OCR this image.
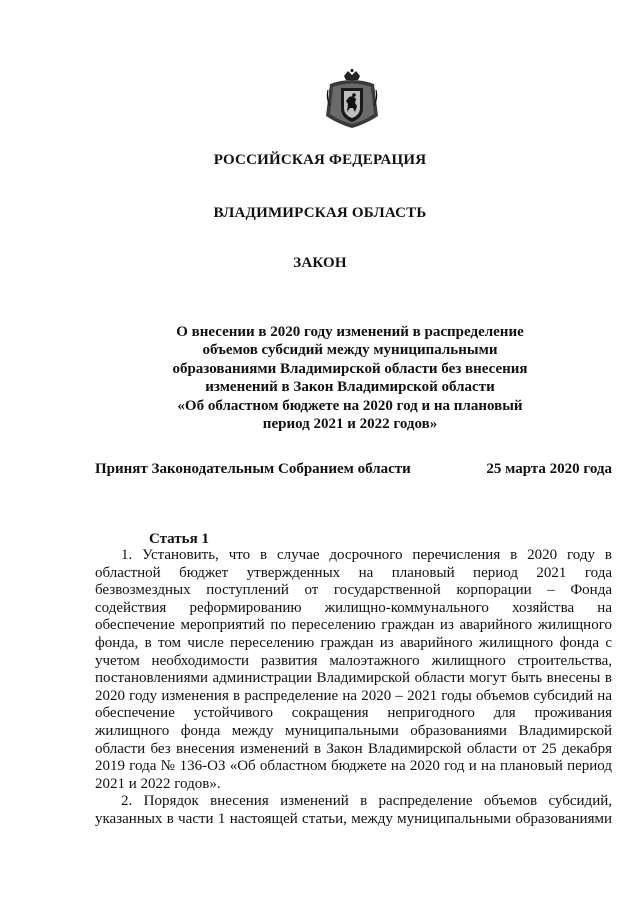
РОССИЙСКАЯ ФЕДЕРАЦИЯ
ВЛАДИМИРСКАЯ ОБЛАСТЬ
ЗАКОН
О внесении в 2020 году изменений в распределение
объемов субсидий между муниципальными
образованиями Владимирской области без внесения
изменений в Закон Владимирской области
«Об областном бюджете на 2020 год и на плановый
период 2021 и 2022 годов»
Принят Законодательным Собранием области	25 марта 2020 года
Статья 1
1. Установить, что в случае досрочного перечисления в 2020 году в
областной бюджет утвержденных на плановый период 2021 года
безвозмездных поступлений от государственной корпорации – Фонда
содействия реформированию жилищно-коммунального хозяйства на
обеспечение мероприятий по переселению граждан из аварийного жилищного
фонда, в том числе переселению граждан из аварийного жилищного фонда с
учетом необходимости развития малоэтажного жилищного строительства,
постановлениями администрации Владимирской области могут быть внесены в
2020 году изменения в распределение на 2020 – 2021 годы объемов субсидий на
обеспечение устойчивого сокращения непригодного для проживания
жилищного фонда между муниципальными образованиями Владимирской
области без внесения изменений в Закон Владимирской области от 25 декабря
2019 года № 136-ОЗ «Об областном бюджете на 2020 год и на плановый период
2021 и 2022 годов».
2. Порядок внесения изменений в распределение объемов субсидий,
указанных в части 1 настоящей статьи, между муниципальными образованиями
